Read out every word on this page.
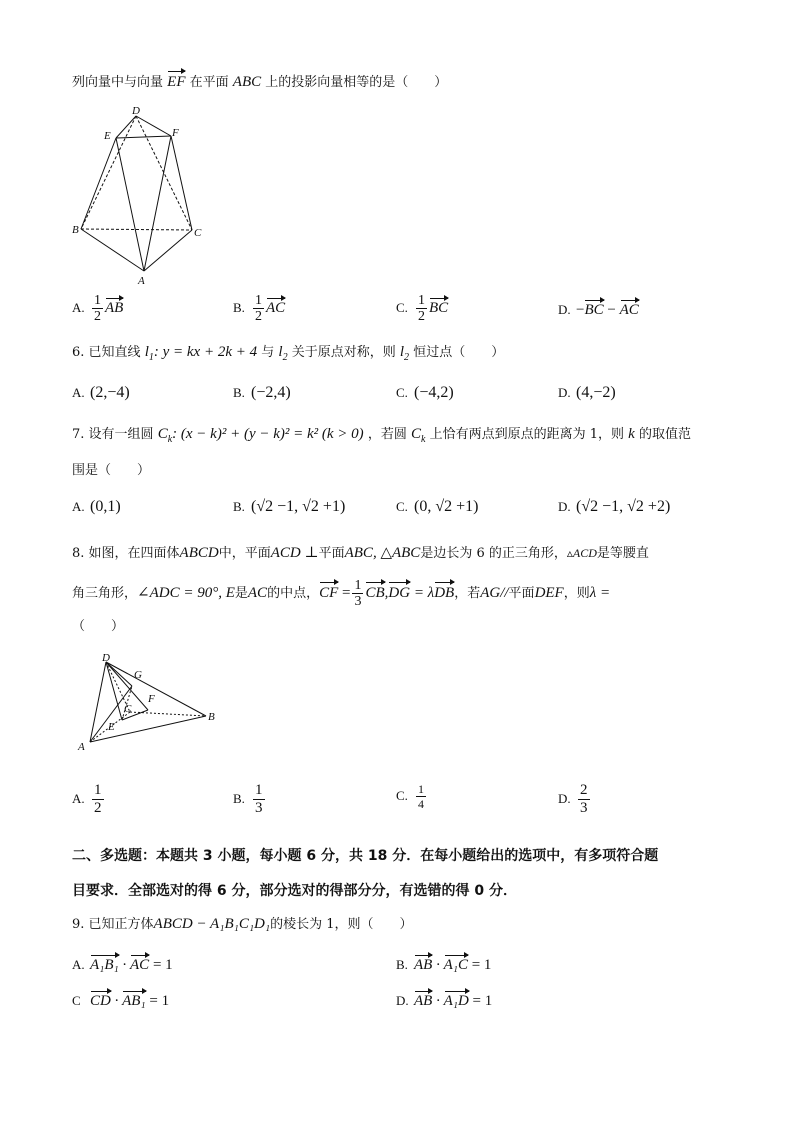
列向量中与向量 EF 在平面 ABC 上的投影向量相等的是（　　）
D
E	F
B	C
A
A. $\frac{1}{2}$ AB	B. $\frac{1}{2}$ AC	C. $\frac{1}{2}$ BC	D. −BC − AC
6. 已知直线 $l_1$: y = kx + 2k + 4 与 $l_2$ 关于原点对称，则 $l_2$ 恒过点（　　）
A. (2,−4)	B. (−2,4)	C. (−4,2)	D. (4,−2)
7. 设有一组圆 $C_k$: (x − k)² + (y − k)² = k² (k > 0) ，若圆 $C_k$ 上恰有两点到原点的距离为 1，则 k 的取值范
围是（　　）
A. (0,1)	B. (√2 −1, √2 +1)	C. (0, √2 +1)	D. (√2 −1, √2 +2)
8. 如图，在四面体ABCD中，平面ACD ⊥平面ABC, △ABC是边长为 6 的正三角形，▵ACD是等腰直
角三角形，∠ADC = 90°, E是AC的中点，CF = $\frac{1}{3} CB,DG = \lambda DB$，若AG//平面DEF，则λ =
（　　）
D
G
F
C
E
B
A
A. $\frac{1}{2}$	B. $\frac{1}{3}$	C. $\frac{1}{4}$	D. $\frac{2}{3}$
二、多选题：本题共 3 小题，每小题 6 分，共 18 分．在每小题给出的选项中，有多项符合题
目要求．全部选对的得 6 分，部分选对的得部分分，有选错的得 0 分．
9. 已知正方体ABCD − A₁B₁C₁D₁的棱长为 1，则（　　）
A. A₁B₁ · AC = 1	B. AB · A₁C = 1
C CD · AB₁ = 1	D. AB · A₁D = 1
